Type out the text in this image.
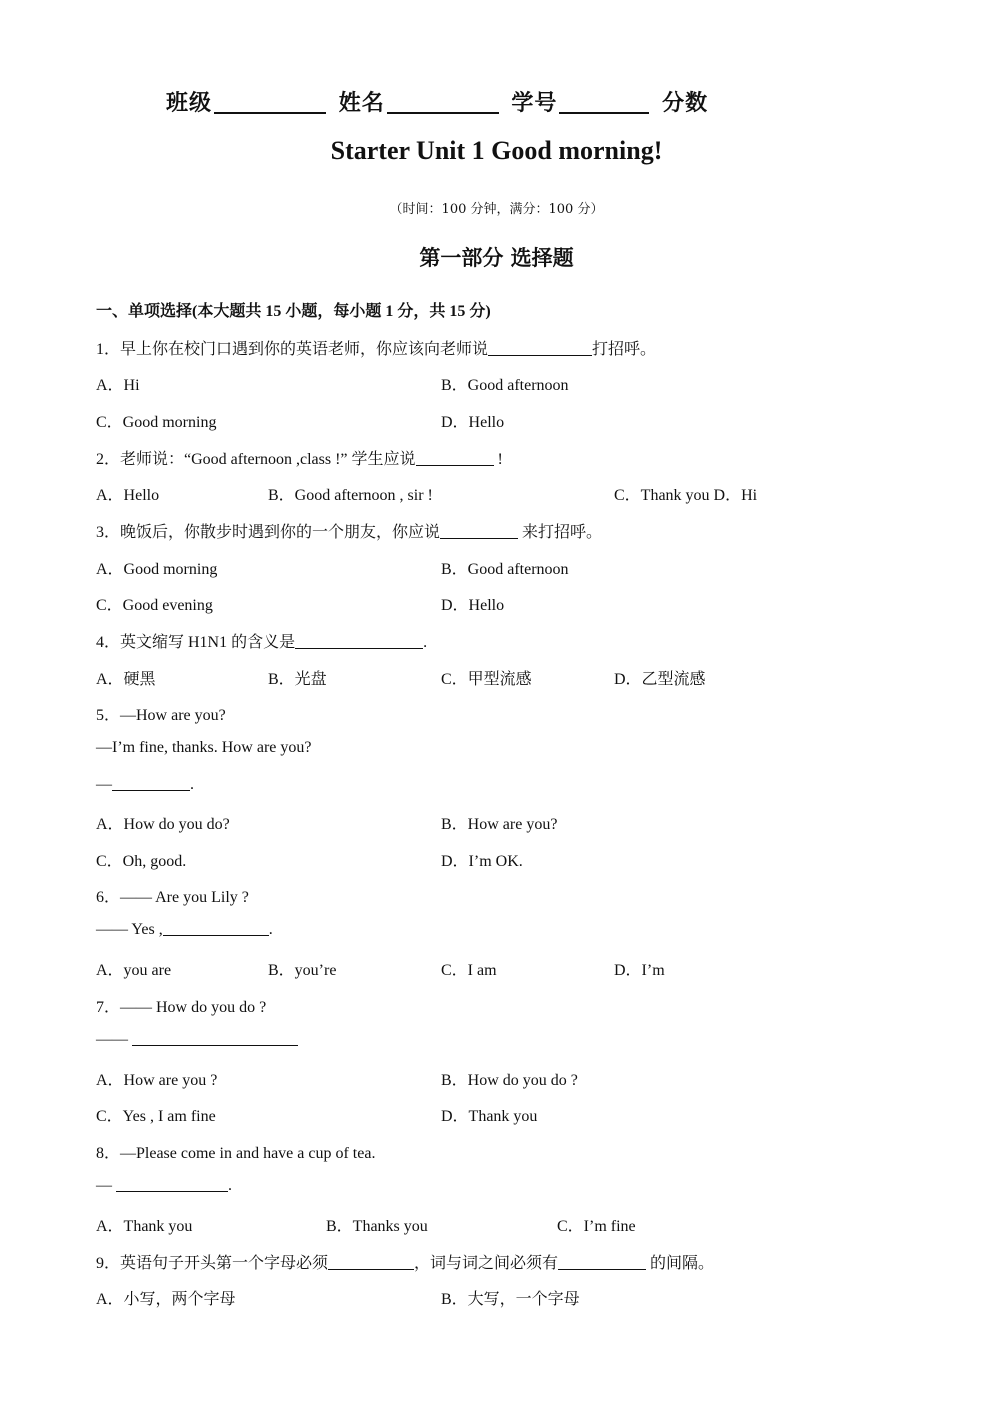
班级	姓名	学号	分数
Starter Unit 1 Good morning!
（时间：100 分钟，满分：100 分）
第一部分 选择题
一、单项选择(本大题共 15 小题，每小题 1 分，共 15 分)
1．早上你在校门口遇到你的英语老师，你应该向老师说	打招呼。
A．Hi	B．Good afternoon
C．Good morning	D．Hello
2．老师说：“Good afternoon ,class !” 学生应说	!
A．Hello	B．Good afternoon , sir !	C．Thank you D．Hi
3．晚饭后，你散步时遇到你的一个朋友，你应说	来打招呼。
A．Good morning	B．Good afternoon
C．Good evening	D．Hello
4．英文缩写 H1N1 的含义是	.
A．硬黑	B．光盘	C．甲型流感	D．乙型流感
5．—How are you?
—I’m fine, thanks. How are you?
—	.
A．How do you do?	B．How are you?
C．Oh, good.	D．I’m OK.
6．—— Are you Lily ?
—— Yes ,	.
A．you are	B．you’re	C．I am	D．I’m
7．—— How do you do ?
——
A．How are you ?	B．How do you do ?
C．Yes , I am fine	D．Thank you
8．—Please come in and have a cup of tea.
—	.
A．Thank you	B．Thanks you	C．I’m fine
9．英语句子开头第一个字母必须	，词与词之间必须有	的间隔。
A．小写，两个字母	B．大写，一个字母
